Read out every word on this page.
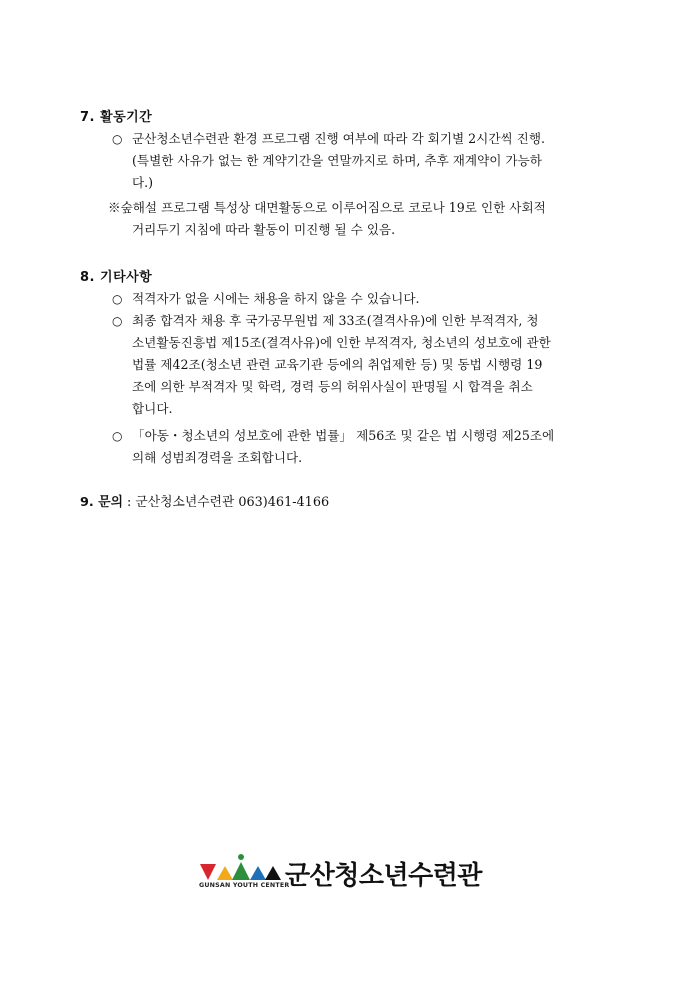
7. 활동기간
○ 군산청소년수련관 환경 프로그램 진행 여부에 따라 각 회기별 2시간씩 진행.
(특별한 사유가 없는 한 계약기간을 연말까지로 하며, 추후 재계약이 가능하
다.)
※숲해설 프로그램 특성상 대면활동으로 이루어짐으로 코로나 19로 인한 사회적
거리두기 지침에 따라 활동이 미진행 될 수 있음.
8. 기타사항
○ 적격자가 없을 시에는 채용을 하지 않을 수 있습니다.
○ 최종 합격자 채용 후 국가공무원법 제 33조(결격사유)에 인한 부적격자, 청
소년활동진흥법 제15조(결격사유)에 인한 부적격자, 청소년의 성보호에 관한
법률 제42조(청소년 관련 교육기관 등에의 취업제한 등) 및 동법 시행령 19
조에 의한 부적격자 및 학력, 경력 등의 허위사실이 판명될 시 합격을 취소
합니다.
○ 「아동・청소년의 성보호에 관한 법률」 제56조 및 같은 법 시행령 제25조에
의해 성범죄경력을 조회합니다.
9. 문의 : 군산청소년수련관 063)461-4166
군산청소년수련관
GUNSAN YOUTH CENTER
